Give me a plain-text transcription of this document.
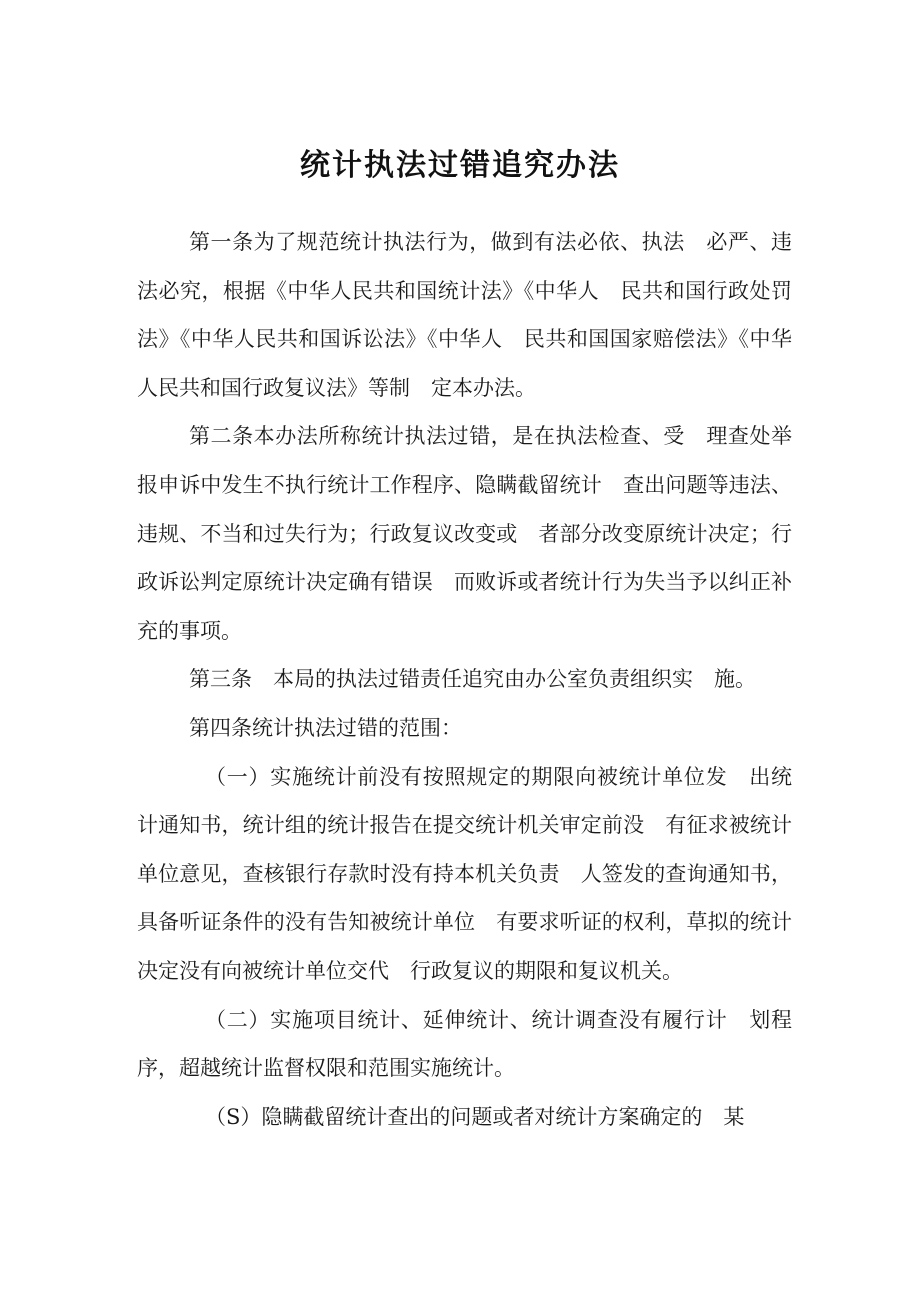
统计执法过错追究办法

第一条为了规范统计执法行为，做到有法必依、执法　必严、违法必究，根据《中华人民共和国统计法》《中华人　民共和国行政处罚法》《中华人民共和国诉讼法》《中华人　民共和国国家赔偿法》《中华人民共和国行政复议法》等制　定本办法。

第二条本办法所称统计执法过错，是在执法检查、受　理查处举报申诉中发生不执行统计工作程序、隐瞒截留统计　查出问题等违法、违规、不当和过失行为；行政复议改变或　者部分改变原统计决定；行政诉讼判定原统计决定确有错误　而败诉或者统计行为失当予以纠正补充的事项。

第三条　本局的执法过错责任追究由办公室负责组织实　施。

第四条统计执法过错的范围：

（一）实施统计前没有按照规定的期限向被统计单位发　出统计通知书，统计组的统计报告在提交统计机关审定前没　有征求被统计单位意见，查核银行存款时没有持本机关负责　人签发的查询通知书，具备听证条件的没有告知被统计单位　有要求听证的权利，草拟的统计决定没有向被统计单位交代　行政复议的期限和复议机关。

（二）实施项目统计、延伸统计、统计调查没有履行计　划程序，超越统计监督权限和范围实施统计。

（S）隐瞒截留统计查出的问题或者对统计方案确定的　某
